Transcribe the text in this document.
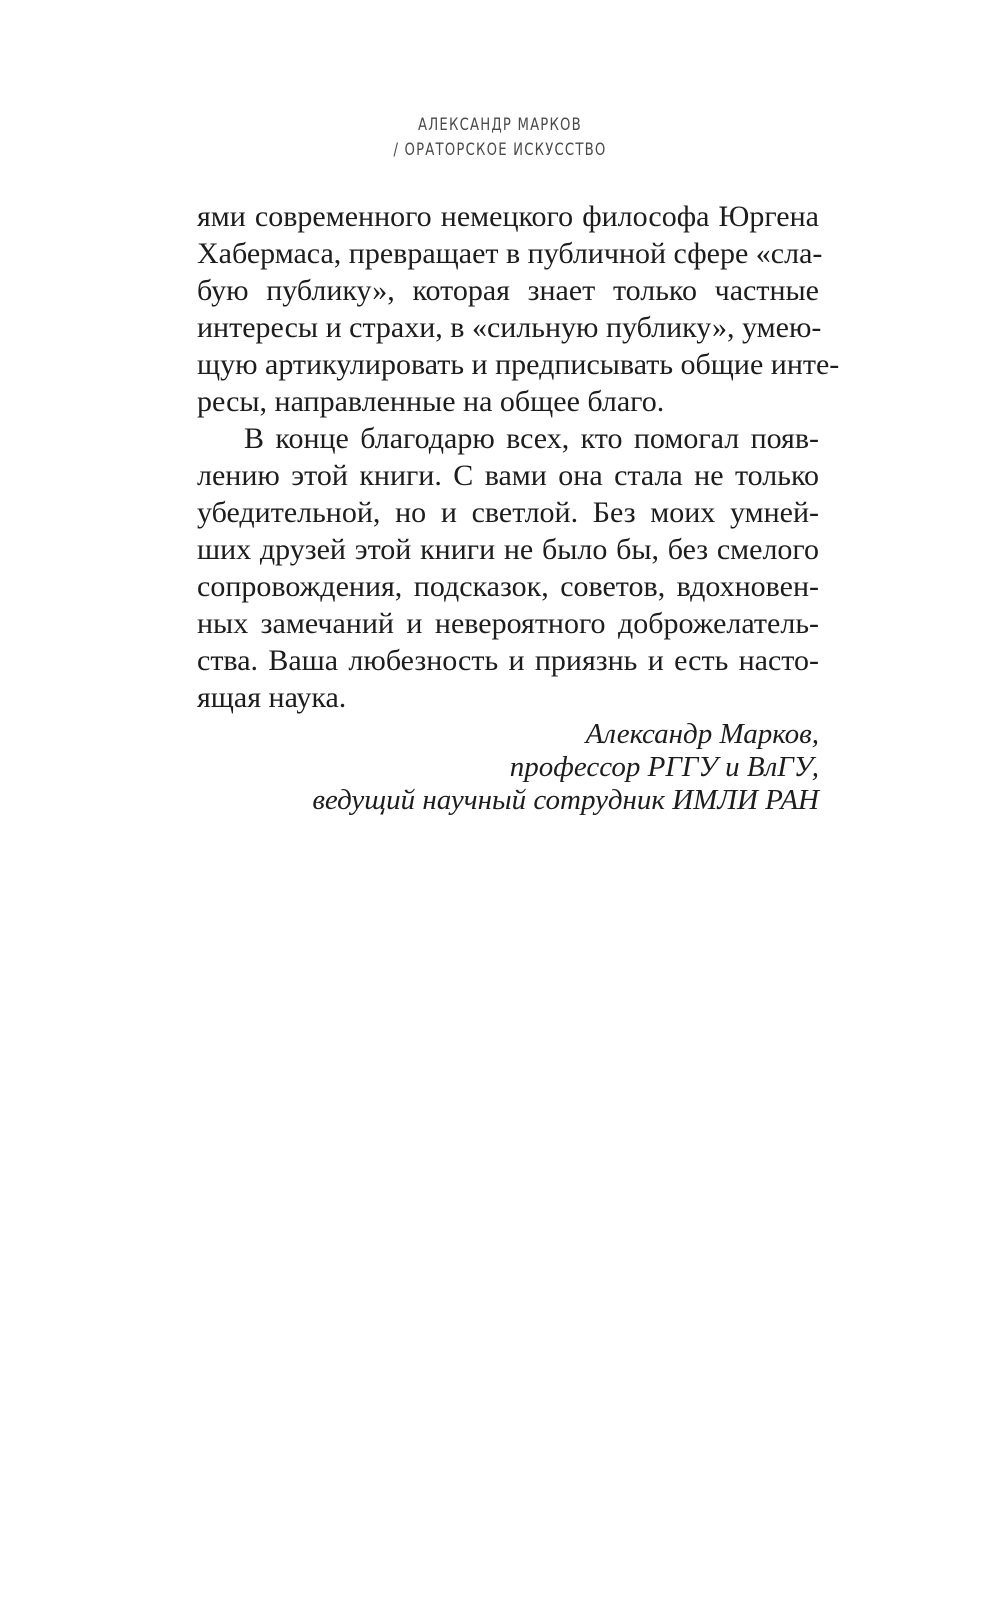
АЛЕКСАНДР МАРКОВ
/ ОРАТОРСКОЕ ИСКУССТВО
ями современного немецкого философа Юргена
Хабермаса, превращает в публичной сфере «сла-
бую публику», которая знает только частные
интересы и страхи, в «сильную публику», умею-
щую артикулировать и предписывать общие инте-
ресы, направленные на общее благо.
В конце благодарю всех, кто помогал появ-
лению этой книги. С вами она стала не только
убедительной, но и светлой. Без моих умней-
ших друзей этой книги не было бы, без смелого
сопровождения, подсказок, советов, вдохновен-
ных замечаний и невероятного доброжелатель-
ства. Ваша любезность и приязнь и есть насто-
ящая наука.
Александр Марков,
профессор РГГУ и ВлГУ,
ведущий научный сотрудник ИМЛИ РАН
